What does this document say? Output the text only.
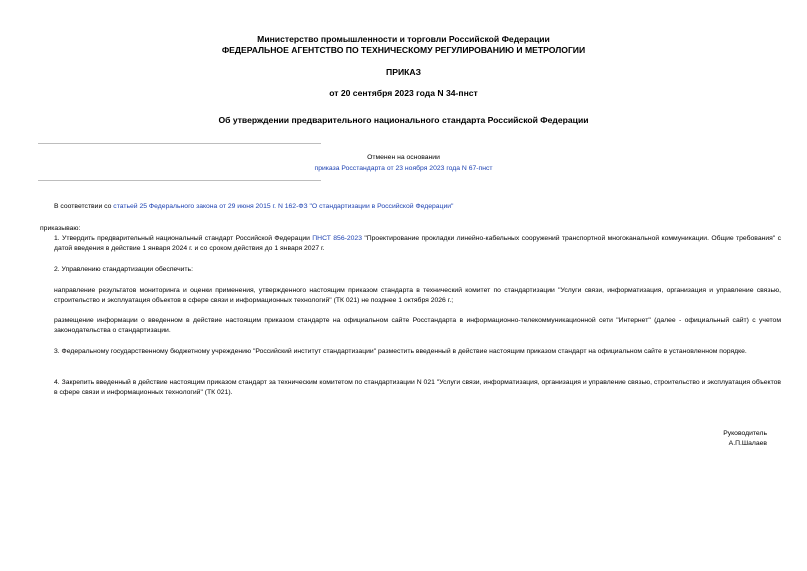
Министерство промышленности и торговли Российской Федерации
ФЕДЕРАЛЬНОЕ АГЕНТСТВО ПО ТЕХНИЧЕСКОМУ РЕГУЛИРОВАНИЮ И МЕТРОЛОГИИ
ПРИКАЗ
от 20 сентября 2023 года N 34-пнст
Об утверждении предварительного национального стандарта Российской Федерации
Отменен на основании
приказа Росстандарта от 23 ноября 2023 года N 67-пнст
В соответствии со статьей 25 Федерального закона от 29 июня 2015 г. N 162-ФЗ "О стандартизации в Российской Федерации"
приказываю:
1. Утвердить предварительный национальный стандарт Российской Федерации ПНСТ 856-2023 "Проектирование прокладки линейно-кабельных сооружений транспортной многоканальной коммуникации. Общие требования" с датой введения в действие 1 января 2024 г. и со сроком действия до 1 января 2027 г.
2. Управлению стандартизации обеспечить:
направление результатов мониторинга и оценки применения, утвержденного настоящим приказом стандарта в технический комитет по стандартизации "Услуги связи, информатизация, организация и управление связью, строительство и эксплуатация объектов в сфере связи и информационных технологий" (ТК 021) не позднее 1 октября 2026 г.;
размещение информации о введенном в действие настоящим приказом стандарте на официальном сайте Росстандарта в информационно-телекоммуникационной сети "Интернет" (далее - официальный сайт) с учетом законодательства о стандартизации.
3. Федеральному государственному бюджетному учреждению "Российский институт стандартизации" разместить введенный в действие настоящим приказом стандарт на официальном сайте в установленном порядке.
4. Закрепить введенный в действие настоящим приказом стандарт за техническим комитетом по стандартизации N 021 "Услуги связи, информатизация, организация и управление связью, строительство и эксплуатация объектов в сфере связи и информационных технологий" (ТК 021).
Руководитель
А.П.Шалаев
